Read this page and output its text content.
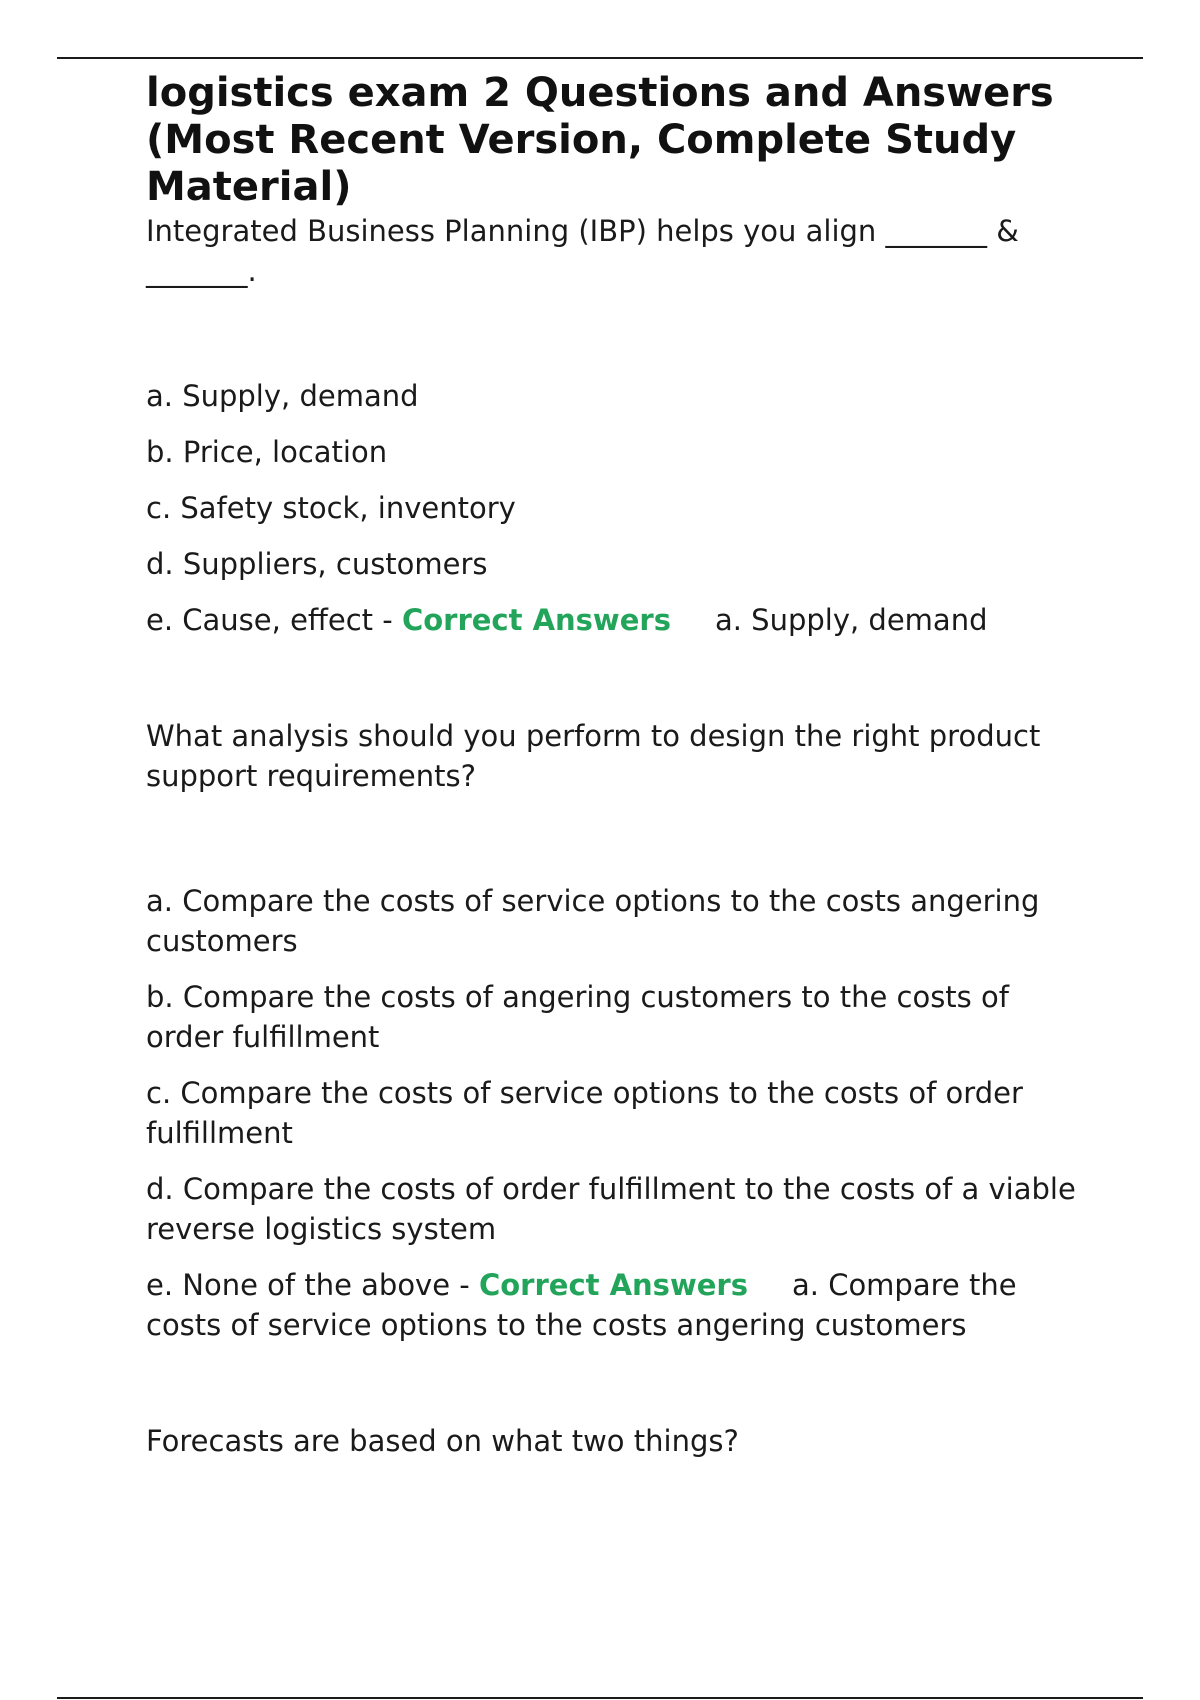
logistics exam 2 Questions and Answers (Most Recent Version, Complete Study Material)

Integrated Business Planning (IBP) helps you align _______ & _______.

a. Supply, demand

b. Price, location

c. Safety stock, inventory

d. Suppliers, customers

e. Cause, effect - Correct Answers a. Supply, demand

What analysis should you perform to design the right product support requirements?

a. Compare the costs of service options to the costs angering customers

b. Compare the costs of angering customers to the costs of order fulfillment

c. Compare the costs of service options to the costs of order fulfillment

d. Compare the costs of order fulfillment to the costs of a viable reverse logistics system

e. None of the above - Correct Answers a. Compare the costs of service options to the costs angering customers

Forecasts are based on what two things?
